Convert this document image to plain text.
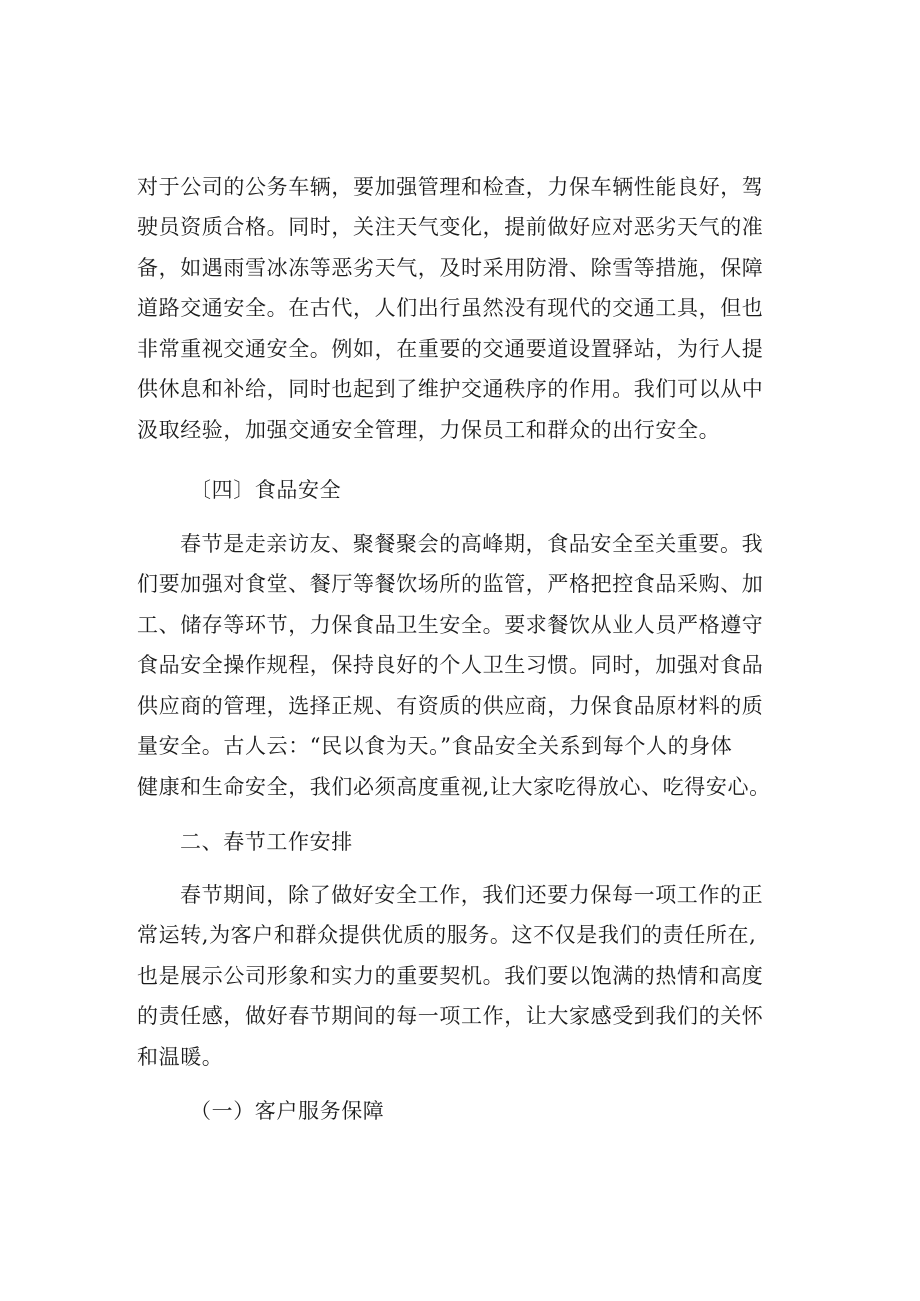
对于公司的公务车辆，要加强管理和检查，力保车辆性能良好，驾
驶员资质合格。同时，关注天气变化，提前做好应对恶劣天气的准
备，如遇雨雪冰冻等恶劣天气，及时采用防滑、除雪等措施，保障
道路交通安全。在古代，人们出行虽然没有现代的交通工具，但也
非常重视交通安全。例如，在重要的交通要道设置驿站，为行人提
供休息和补给，同时也起到了维护交通秩序的作用。我们可以从中
汲取经验，加强交通安全管理，力保员工和群众的出行安全。
〔四〕食品安全
春节是走亲访友、聚餐聚会的高峰期，食品安全至关重要。我
们要加强对食堂、餐厅等餐饮场所的监管，严格把控食品采购、加
工、储存等环节，力保食品卫生安全。要求餐饮从业人员严格遵守
食品安全操作规程，保持良好的个人卫生习惯。同时，加强对食品
供应商的管理，选择正规、有资质的供应商，力保食品原材料的质
量安全。古人云：“民以食为天。”食品安全关系到每个人的身体
健康和生命安全，我们必须高度重视,让大家吃得放心、吃得安心。
二、春节工作安排
春节期间，除了做好安全工作，我们还要力保每一项工作的正
常运转,为客户和群众提供优质的服务。这不仅是我们的责任所在,
也是展示公司形象和实力的重要契机。我们要以饱满的热情和高度
的责任感，做好春节期间的每一项工作，让大家感受到我们的关怀
和温暖。
（一）客户服务保障
